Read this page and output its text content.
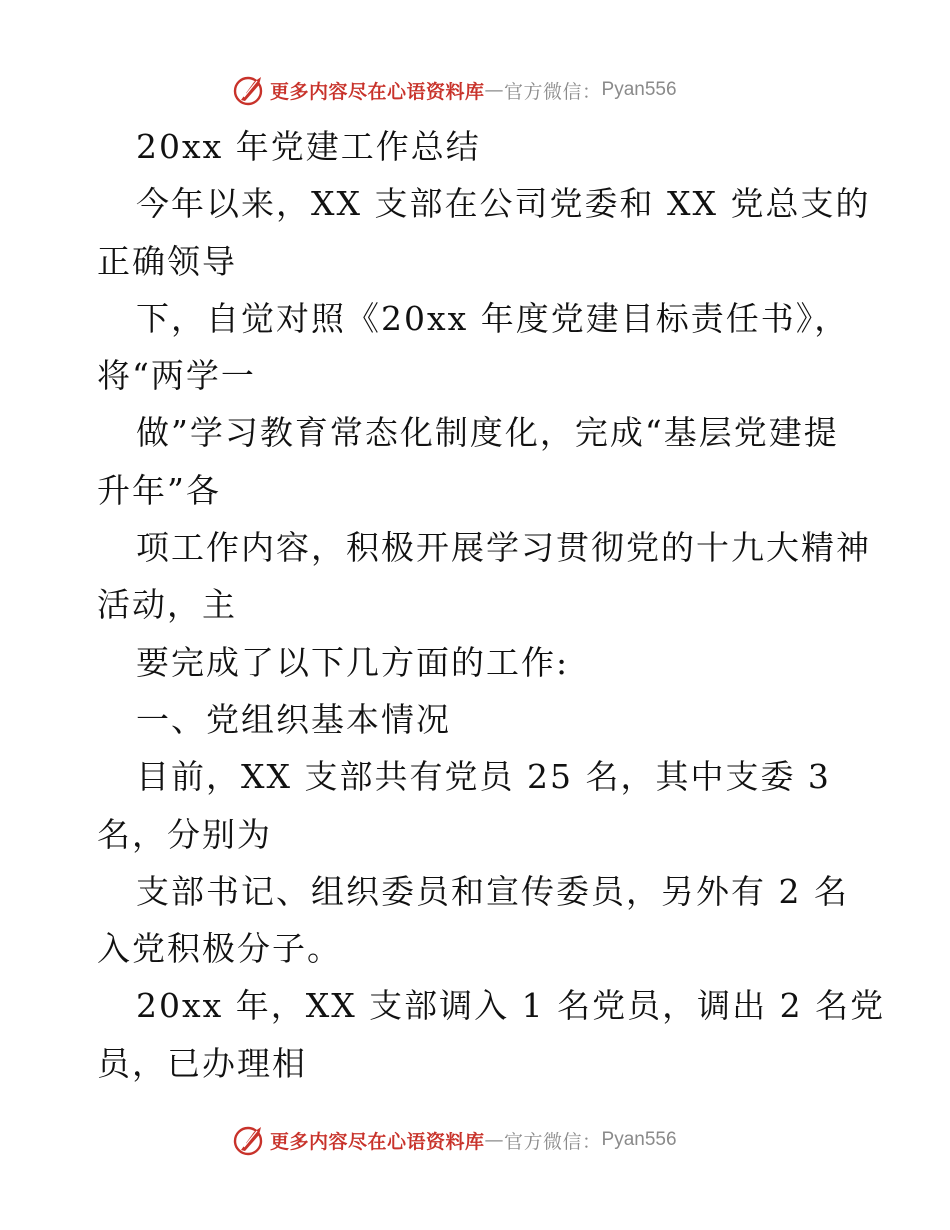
更多内容尽在心语资料库 — 官方微信： Pyan556
20xx 年党建工作总结
今年以来，XX 支部在公司党委和 XX 党总支的
正确领导
下，自觉对照《20xx 年度党建目标责任书》，
将“两学一
做”学习教育常态化制度化，完成“基层党建提
升年”各
项工作内容，积极开展学习贯彻党的十九大精神
活动，主
要完成了以下几方面的工作:
一、党组织基本情况
目前，XX 支部共有党员 25 名，其中支委 3
名，分别为
支部书记、组织委员和宣传委员，另外有 2 名
入党积极分子。
20xx 年，XX 支部调入 1 名党员，调出 2 名党
员，已办理相
更多内容尽在心语资料库 — 官方微信： Pyan556
